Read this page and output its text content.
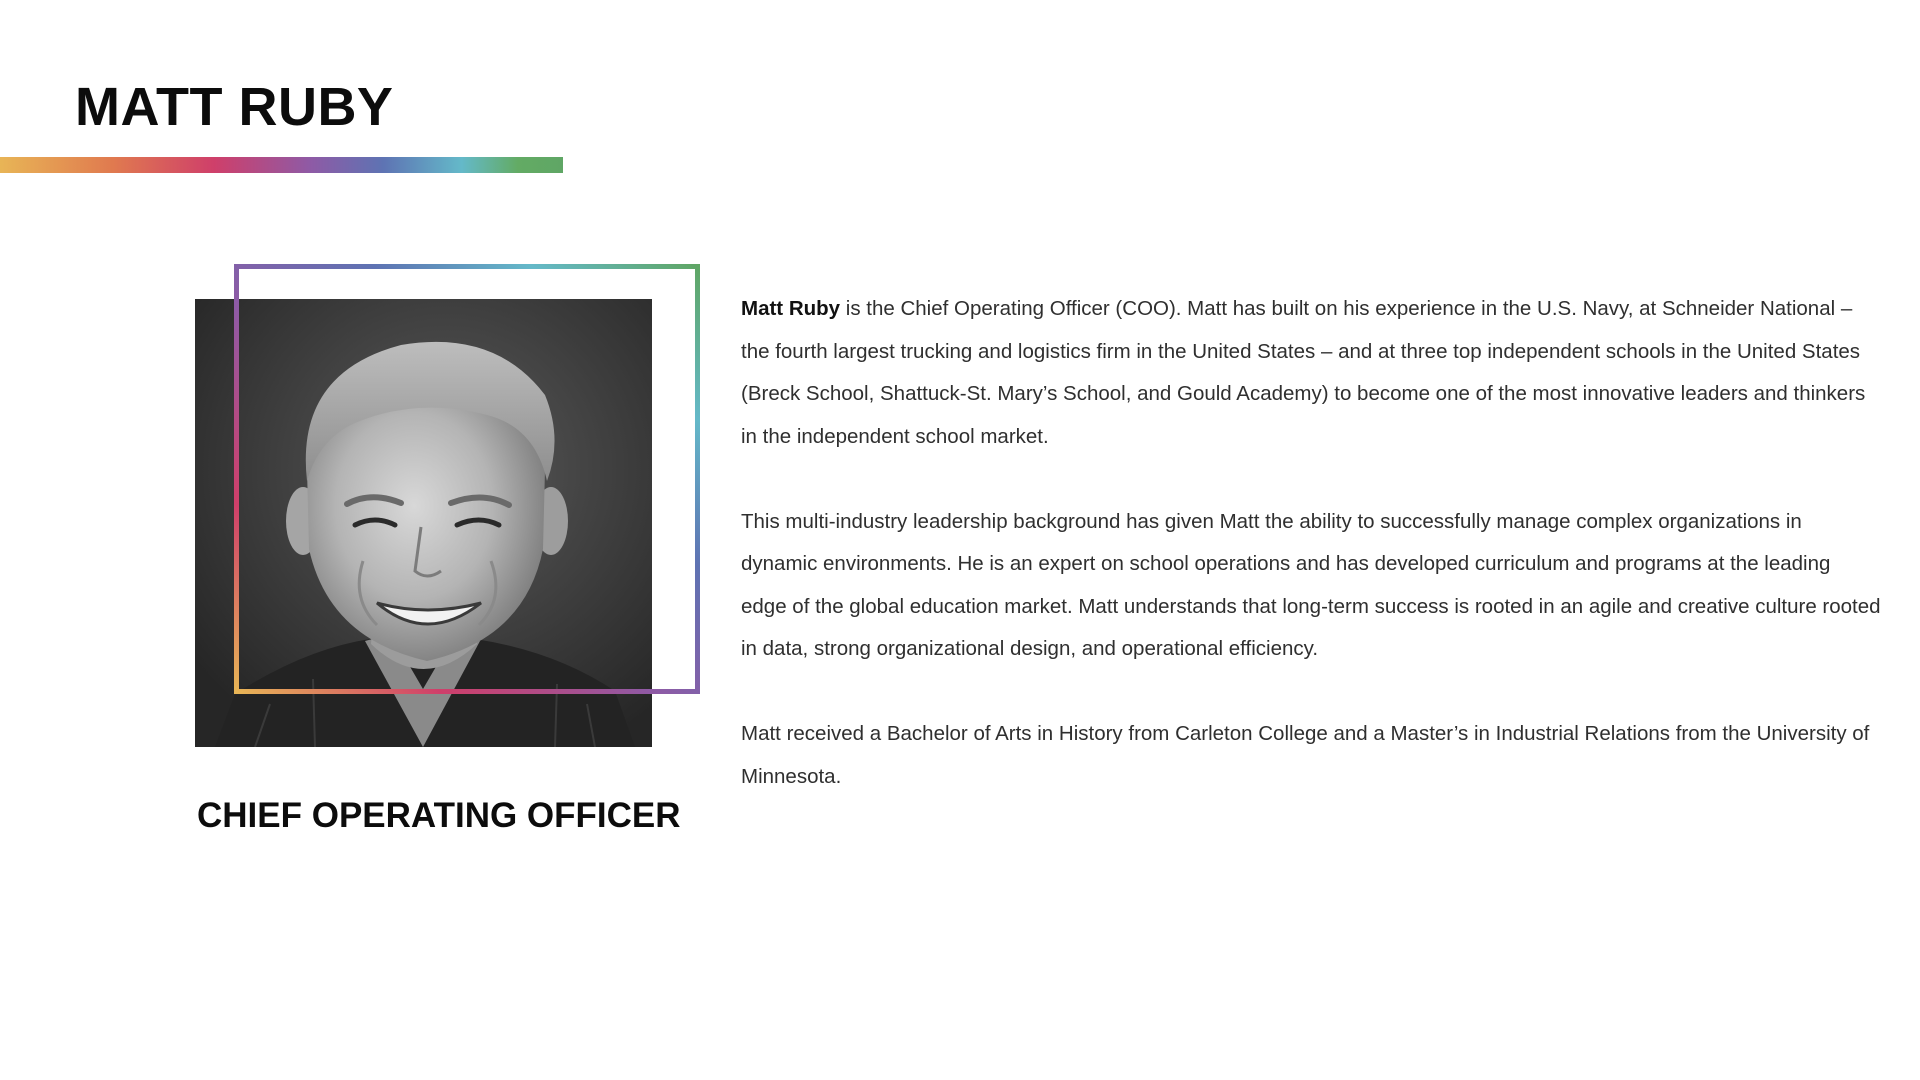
MATT RUBY
CHIEF OPERATING OFFICER

Matt Ruby is the Chief Operating Officer (COO). Matt has built on his experience in the U.S. Navy, at Schneider National – the fourth largest trucking and logistics firm in the United States – and at three top independent schools in the United States (Breck School, Shattuck-St. Mary’s School, and Gould Academy) to become one of the most innovative leaders and thinkers in the independent school market.

This multi-industry leadership background has given Matt the ability to successfully manage complex organizations in dynamic environments. He is an expert on school operations and has developed curriculum and programs at the leading edge of the global education market. Matt understands that long-term success is rooted in an agile and creative culture rooted in data, strong organizational design, and operational efficiency.

Matt received a Bachelor of Arts in History from Carleton College and a Master’s in Industrial Relations from the University of Minnesota.
